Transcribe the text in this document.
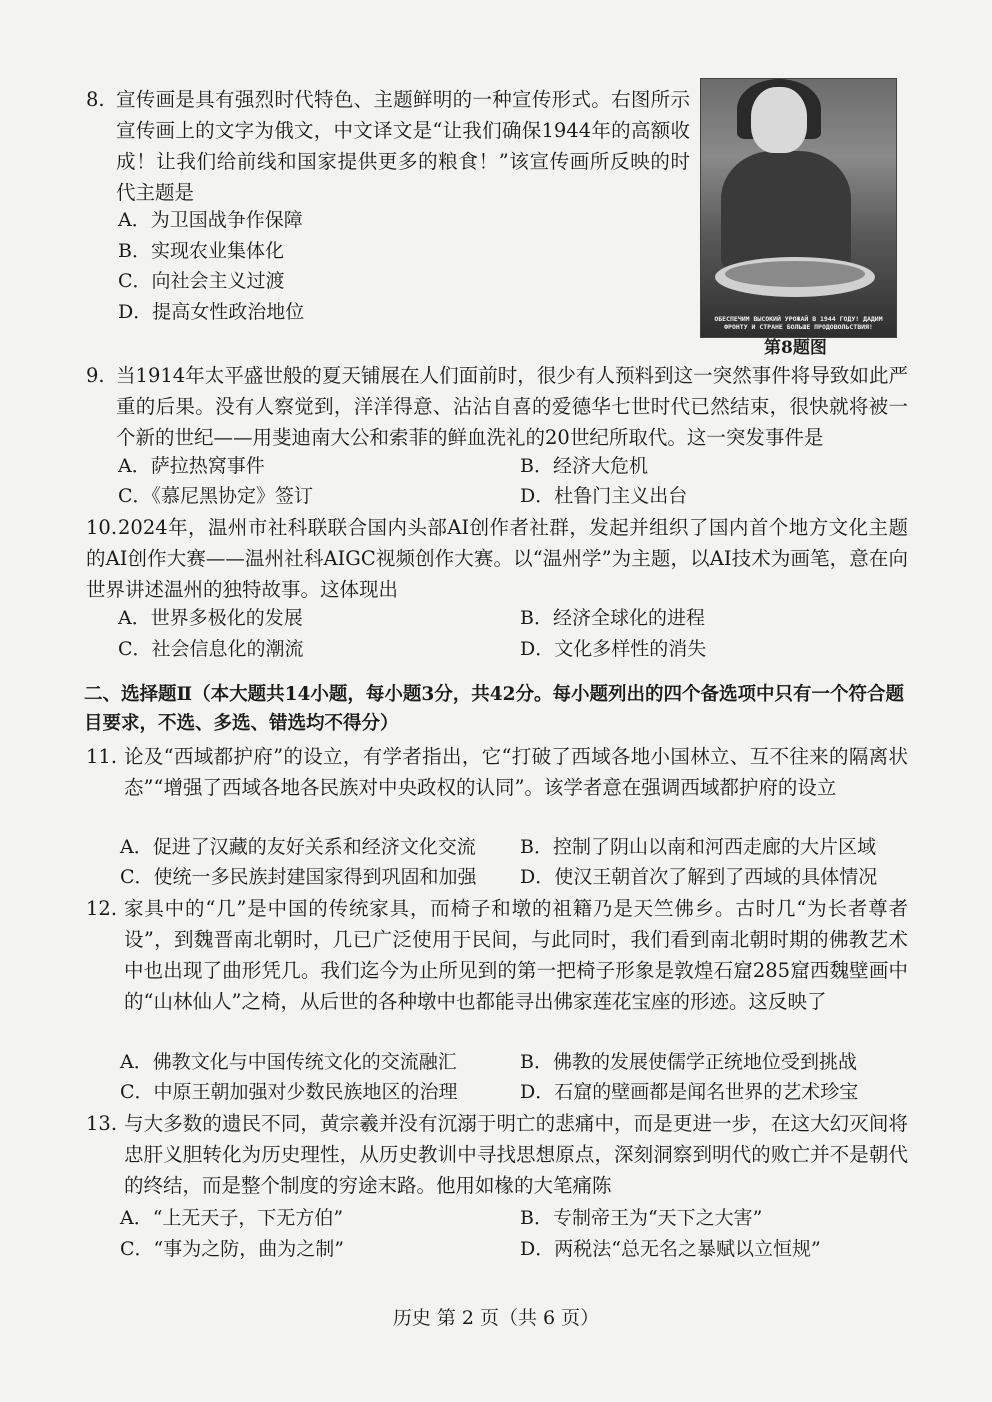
8. 宣传画是具有强烈时代特色、主题鲜明的一种宣传形式。右图所示宣传画上的文字为俄文，中文译文是“让我们确保1944年的高额收成！让我们给前线和国家提供更多的粮食！”该宣传画所反映的时代主题是
A．为卫国战争作保障
B．实现农业集体化
C．向社会主义过渡
D．提高女性政治地位	ОБЕСПЕЧИМ ВЫСОКИЙ УРОЖАЙ В 1944 ГОДУ! ДАДИМ ФРОНТУ И СТРАНЕ БОЛЬШЕ ПРОДОВОЛЬСТВИЯ!
第8题图
9. 当1914年太平盛世般的夏天铺展在人们面前时，很少有人预料到这一突然事件将导致如此严重的后果。没有人察觉到，洋洋得意、沾沾自喜的爱德华七世时代已然结束，很快就将被一个新的世纪——用斐迪南大公和索菲的鲜血洗礼的20世纪所取代。这一突发事件是
A．萨拉热窝事件	B．经济大危机
C．《慕尼黑协定》签订	D．杜鲁门主义出台
10. 2024年，温州市社科联联合国内头部AI创作者社群，发起并组织了国内首个地方文化主题的AI创作大赛——温州社科AIGC视频创作大赛。以“温州学”为主题，以AI技术为画笔，意在向世界讲述温州的独特故事。这体现出
A．世界多极化的发展	B．经济全球化的进程
C．社会信息化的潮流	D．文化多样性的消失
二、选择题Ⅱ（本大题共14小题，每小题3分，共42分。每小题列出的四个备选项中只有一个符合题目要求，不选、多选、错选均不得分）
11. 论及“西域都护府”的设立，有学者指出，它“打破了西域各地小国林立、互不往来的隔离状态”“增强了西域各地各民族对中央政权的认同”。该学者意在强调西域都护府的设立
A．促进了汉藏的友好关系和经济文化交流 B．控制了阴山以南和河西走廊的大片区域
C．使统一多民族封建国家得到巩固和加强 D．使汉王朝首次了解到了西域的具体情况
12. 家具中的“几”是中国的传统家具，而椅子和墩的祖籍乃是天竺佛乡。古时几“为长者尊者设”，到魏晋南北朝时，几已广泛使用于民间，与此同时，我们看到南北朝时期的佛教艺术中也出现了曲形凭几。我们迄今为止所见到的第一把椅子形象是敦煌石窟285窟西魏壁画中的“山林仙人”之椅，从后世的各种墩中也都能寻出佛家莲花宝座的形迹。这反映了
A．佛教文化与中国传统文化的交流融汇	B．佛教的发展使儒学正统地位受到挑战
C．中原王朝加强对少数民族地区的治理	D．石窟的壁画都是闻名世界的艺术珍宝
13. 与大多数的遗民不同，黄宗羲并没有沉溺于明亡的悲痛中，而是更进一步，在这大幻灭间将忠肝义胆转化为历史理性，从历史教训中寻找思想原点，深刻洞察到明代的败亡并不是朝代的终结，而是整个制度的穷途末路。他用如椽的大笔痛陈
A．“上无天子，下无方伯”	B．专制帝王为“天下之大害”
C．“事为之防，曲为之制”	D．两税法“总无名之暴赋以立恒规”
历史 第 2 页（共 6 页）
